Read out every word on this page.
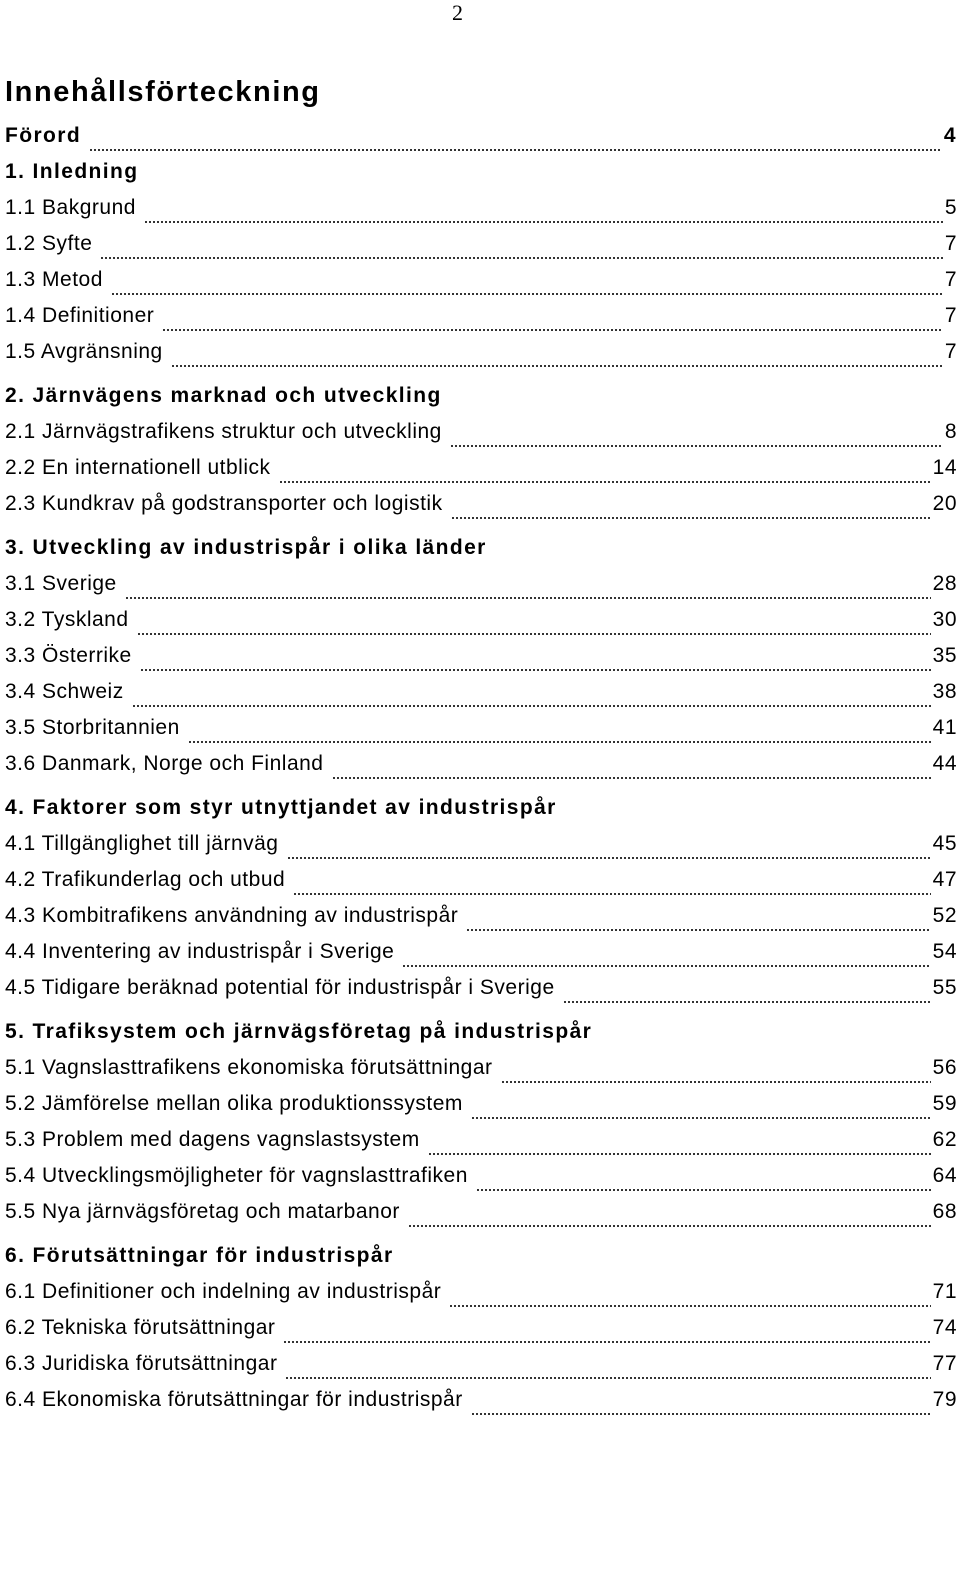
2
Innehållsförteckning
Förord	4
1. Inledning
1.1 Bakgrund	5
1.2 Syfte	7
1.3 Metod	7
1.4 Definitioner	7
1.5 Avgränsning	7
2. Järnvägens marknad och utveckling
2.1 Järnvägstrafikens struktur och utveckling	8
2.2 En internationell utblick	14
2.3 Kundkrav på godstransporter och logistik	20
3. Utveckling av industrispår i olika länder
3.1 Sverige	28
3.2 Tyskland	30
3.3 Österrike	35
3.4 Schweiz	38
3.5 Storbritannien	41
3.6 Danmark, Norge och Finland	44
4. Faktorer som styr utnyttjandet av industrispår
4.1 Tillgänglighet till järnväg	45
4.2 Trafikunderlag och utbud	47
4.3 Kombitrafikens användning av industrispår	52
4.4 Inventering av industrispår i Sverige	54
4.5 Tidigare beräknad potential för industrispår i Sverige	55
5. Trafiksystem och järnvägsföretag på industrispår
5.1 Vagnslasttrafikens ekonomiska förutsättningar	56
5.2 Jämförelse mellan olika produktionssystem	59
5.3 Problem med dagens vagnslastsystem	62
5.4 Utvecklingsmöjligheter för vagnslasttrafiken	64
5.5 Nya järnvägsföretag och matarbanor	68
6. Förutsättningar för industrispår
6.1 Definitioner och indelning av industrispår	71
6.2 Tekniska förutsättningar	74
6.3 Juridiska förutsättningar	77
6.4 Ekonomiska förutsättningar för industrispår	79
